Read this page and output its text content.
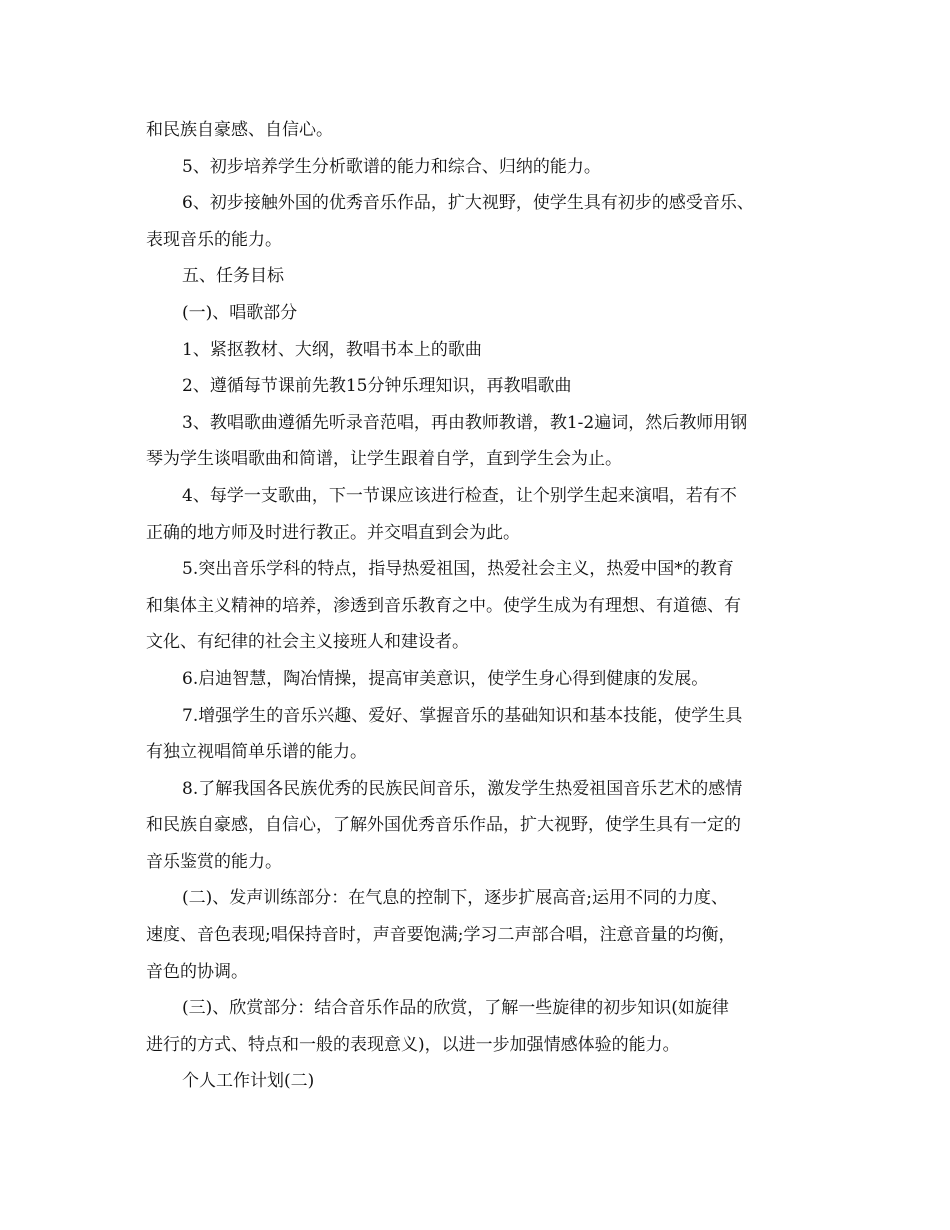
和民族自豪感、自信心。
5、初步培养学生分析歌谱的能力和综合、归纳的能力。
6、初步接触外国的优秀音乐作品，扩大视野，使学生具有初步的感受音乐、
表现音乐的能力。
五、任务目标
(一)、唱歌部分
1、紧抠教材、大纲，教唱书本上的歌曲
2、遵循每节课前先教15分钟乐理知识，再教唱歌曲
3、教唱歌曲遵循先听录音范唱，再由教师教谱，教1-2遍词，然后教师用钢
琴为学生谈唱歌曲和简谱，让学生跟着自学，直到学生会为止。
4、每学一支歌曲，下一节课应该进行检查，让个别学生起来演唱，若有不
正确的地方师及时进行教正。并交唱直到会为此。
5.突出音乐学科的特点，指导热爱祖国，热爱社会主义，热爱中国*的教育
和集体主义精神的培养，渗透到音乐教育之中。使学生成为有理想、有道德、有
文化、有纪律的社会主义接班人和建设者。
6.启迪智慧，陶冶情操，提高审美意识，使学生身心得到健康的发展。
7.增强学生的音乐兴趣、爱好、掌握音乐的基础知识和基本技能，使学生具
有独立视唱简单乐谱的能力。
8.了解我国各民族优秀的民族民间音乐，激发学生热爱祖国音乐艺术的感情
和民族自豪感，自信心，了解外国优秀音乐作品，扩大视野，使学生具有一定的
音乐鉴赏的能力。
(二)、发声训练部分：在气息的控制下，逐步扩展高音;运用不同的力度、
速度、音色表现;唱保持音时，声音要饱满;学习二声部合唱，注意音量的均衡，
音色的协调。
(三)、欣赏部分：结合音乐作品的欣赏，了解一些旋律的初步知识(如旋律
进行的方式、特点和一般的表现意义)，以进一步加强情感体验的能力。
个人工作计划(二)
